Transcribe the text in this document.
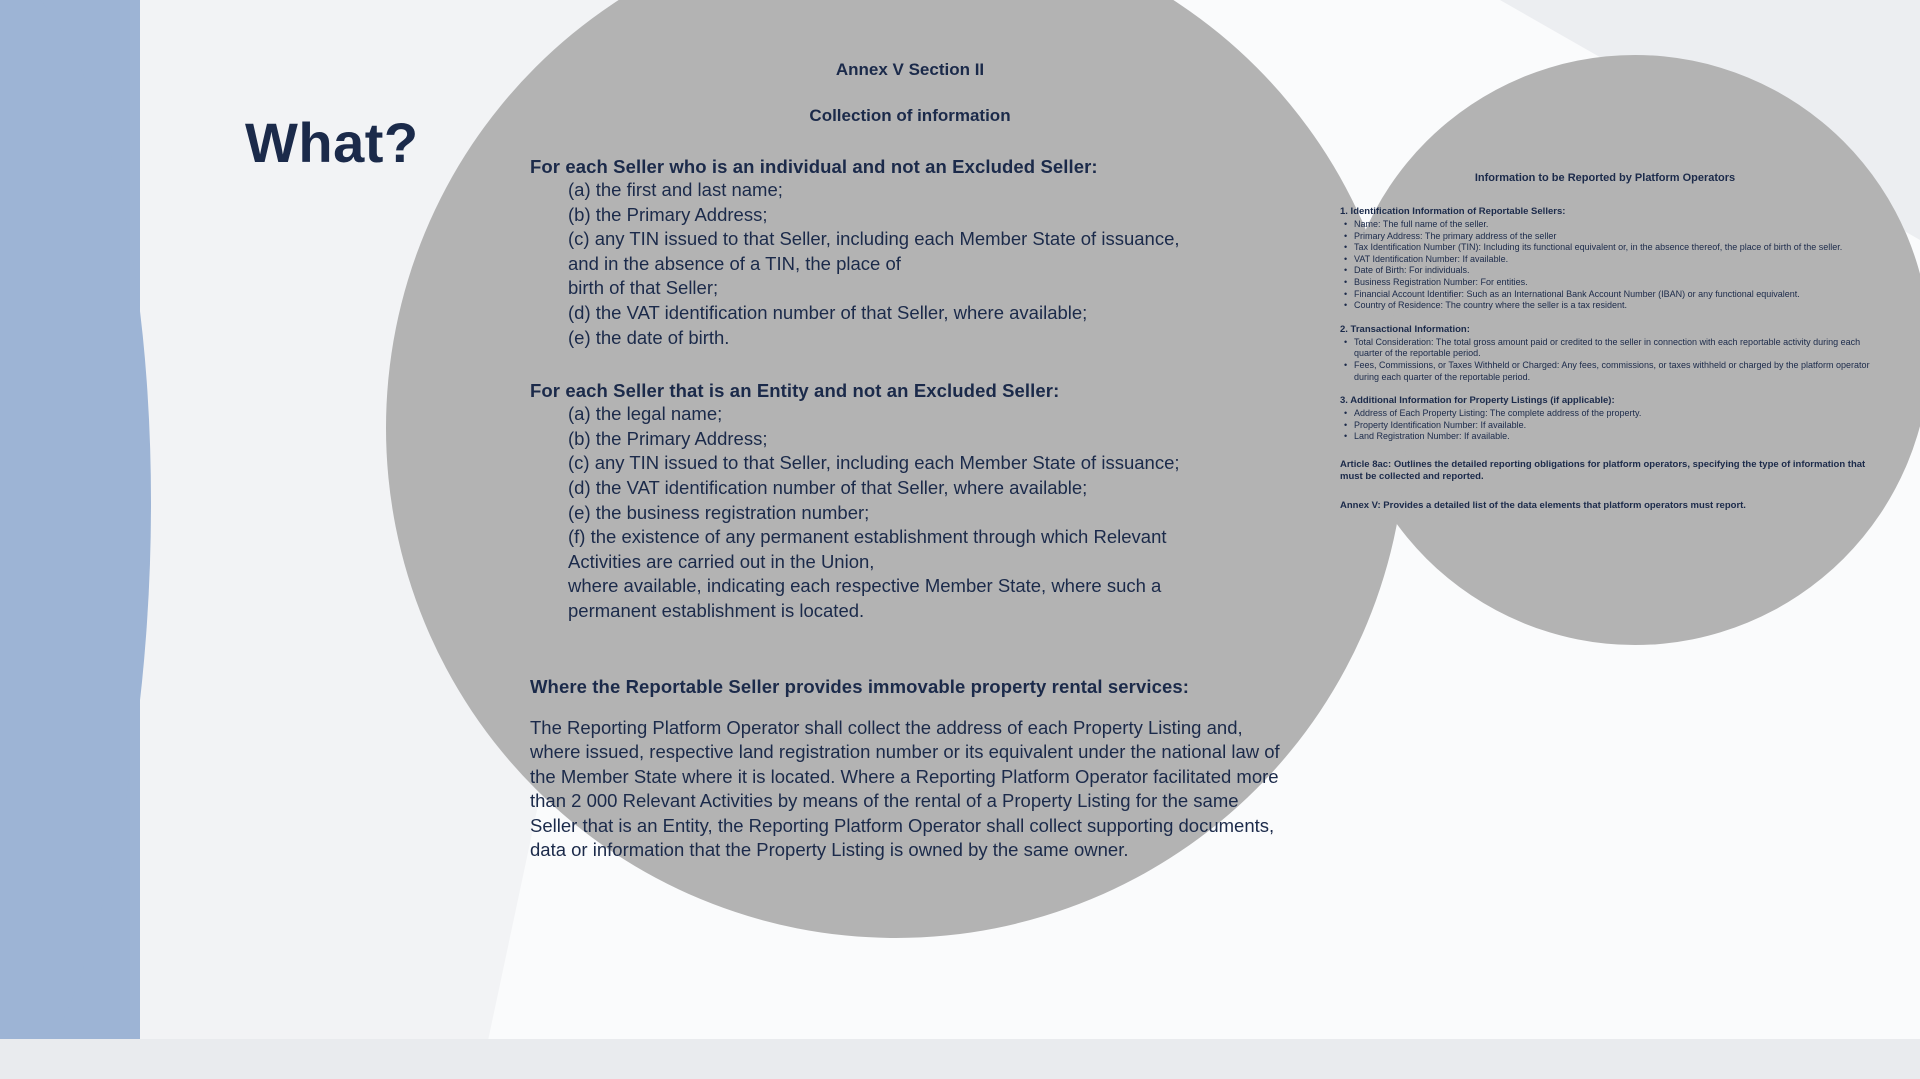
What?
Annex V Section II
Collection of information
For each Seller who is an individual and not an Excluded Seller:
(a) the first and last name;
(b) the Primary Address;
(c) any TIN issued to that Seller, including each Member State of issuance,
and in the absence of a TIN, the place of
birth of that Seller;
(d) the VAT identification number of that Seller, where available;
(e) the date of birth.
For each Seller that is an Entity and not an Excluded Seller:
(a) the legal name;
(b) the Primary Address;
(c) any TIN issued to that Seller, including each Member State of issuance;
(d) the VAT identification number of that Seller, where available;
(e) the business registration number;
(f) the existence of any permanent establishment through which Relevant
Activities are carried out in the Union,
where available, indicating each respective Member State, where such a
permanent establishment is located.
Where the Reportable Seller provides immovable property rental services:
The Reporting Platform Operator shall collect the address of each Property Listing and, where issued, respective land registration number or its equivalent under the national law of the Member State where it is located. Where a Reporting Platform Operator facilitated more than 2 000 Relevant Activities by means of the rental of a Property Listing for the same Seller that is an Entity, the Reporting Platform Operator shall collect supporting documents, data or information that the Property Listing is owned by the same owner.
Information to be Reported by Platform Operators
1. Identification Information of Reportable Sellers:
• Name: The full name of the seller.
• Primary Address: The primary address of the seller
• Tax Identification Number (TIN): Including its functional equivalent or, in the absence thereof, the place of birth of the seller.
• VAT Identification Number: If available.
• Date of Birth: For individuals.
• Business Registration Number: For entities.
• Financial Account Identifier: Such as an International Bank Account Number (IBAN) or any functional equivalent.
• Country of Residence: The country where the seller is a tax resident.
2. Transactional Information:
• Total Consideration: The total gross amount paid or credited to the seller in connection with each reportable activity during each quarter of the reportable period.
• Fees, Commissions, or Taxes Withheld or Charged: Any fees, commissions, or taxes withheld or charged by the platform operator during each quarter of the reportable period.
3. Additional Information for Property Listings (if applicable):
• Address of Each Property Listing: The complete address of the property.
• Property Identification Number: If available.
• Land Registration Number: If available.
Article 8ac: Outlines the detailed reporting obligations for platform operators, specifying the type of information that must be collected and reported.
Annex V: Provides a detailed list of the data elements that platform operators must report.
